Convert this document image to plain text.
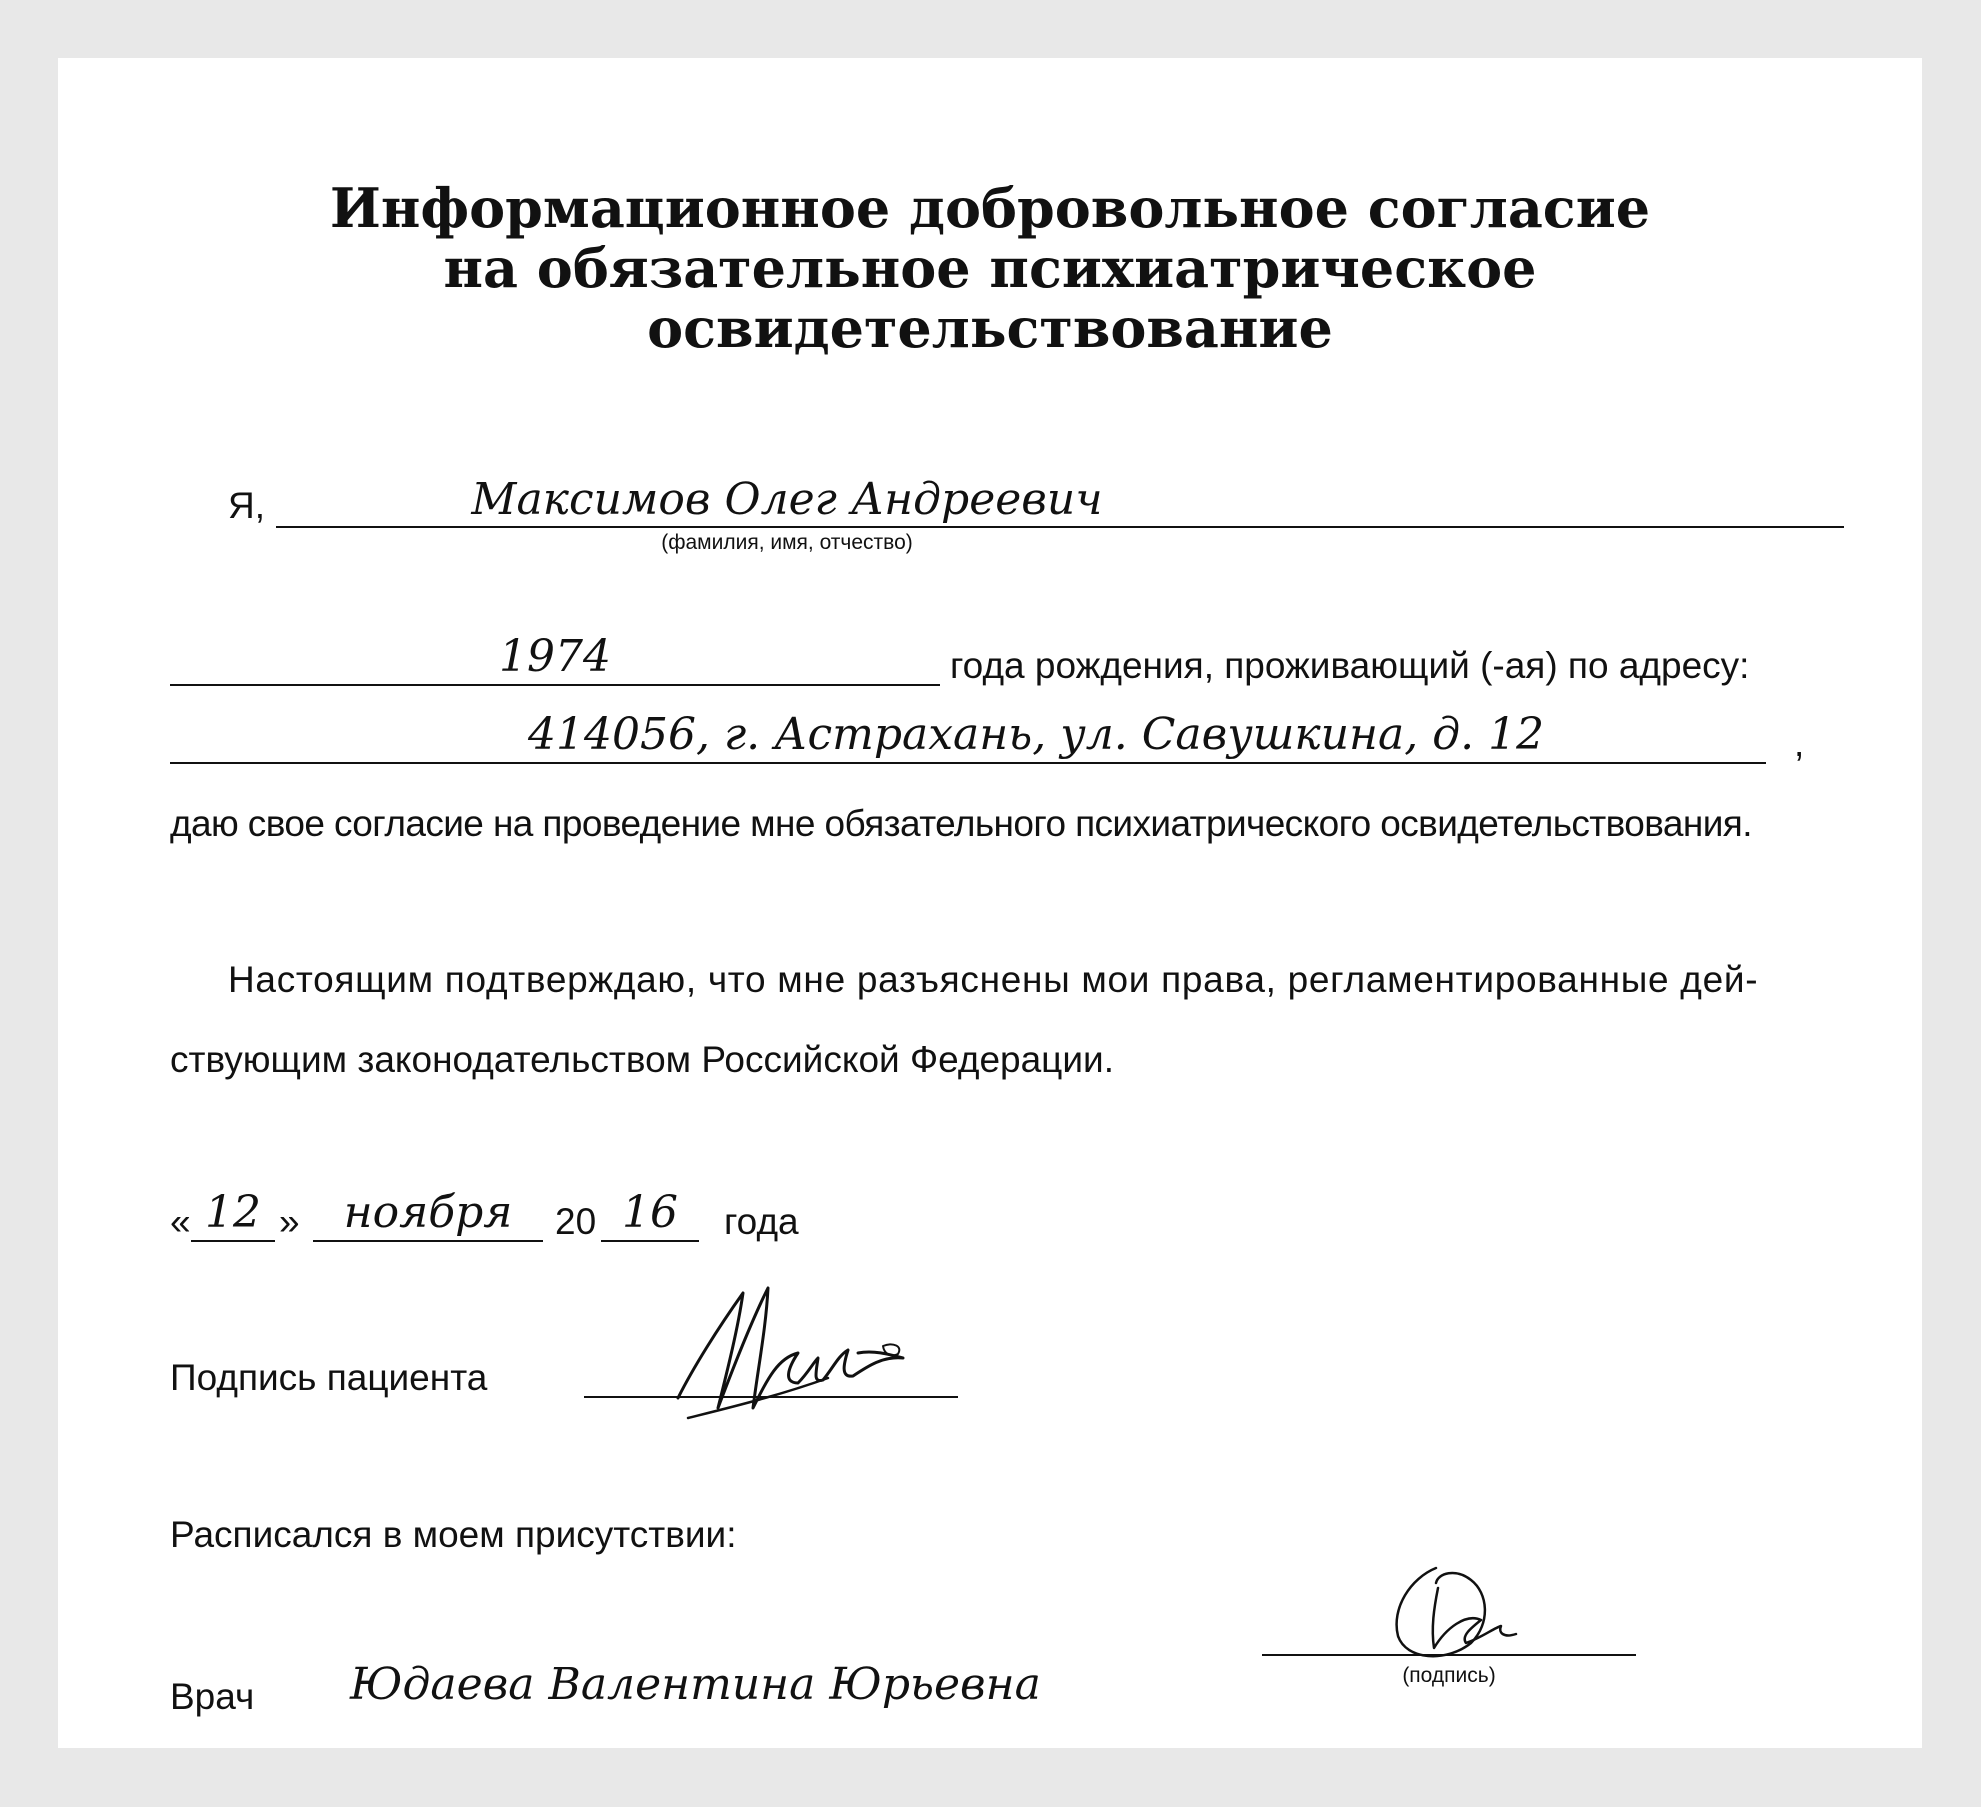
Информационное добровольное согласие
на обязательное психиатрическое
освидетельствование
Я,	Максимов Олег Андреевич
(фамилия, имя, отчество)
1974	года рождения, проживающий (-ая) по адресу:
414056, г. Астрахань, ул. Савушкина, д. 12	,
даю свое согласие на проведение мне обязательного психиатрического освидетельствования.
Настоящим подтверждаю, что мне разъяснены мои права, регламентированные дей-
ствующим законодательством Российской Федерации.
« 12 »	ноября	20 16	года
Подпись пациента
Расписался в моем присутствии:
Врач Юдаева Валентина Юрьевна	(подпись)
